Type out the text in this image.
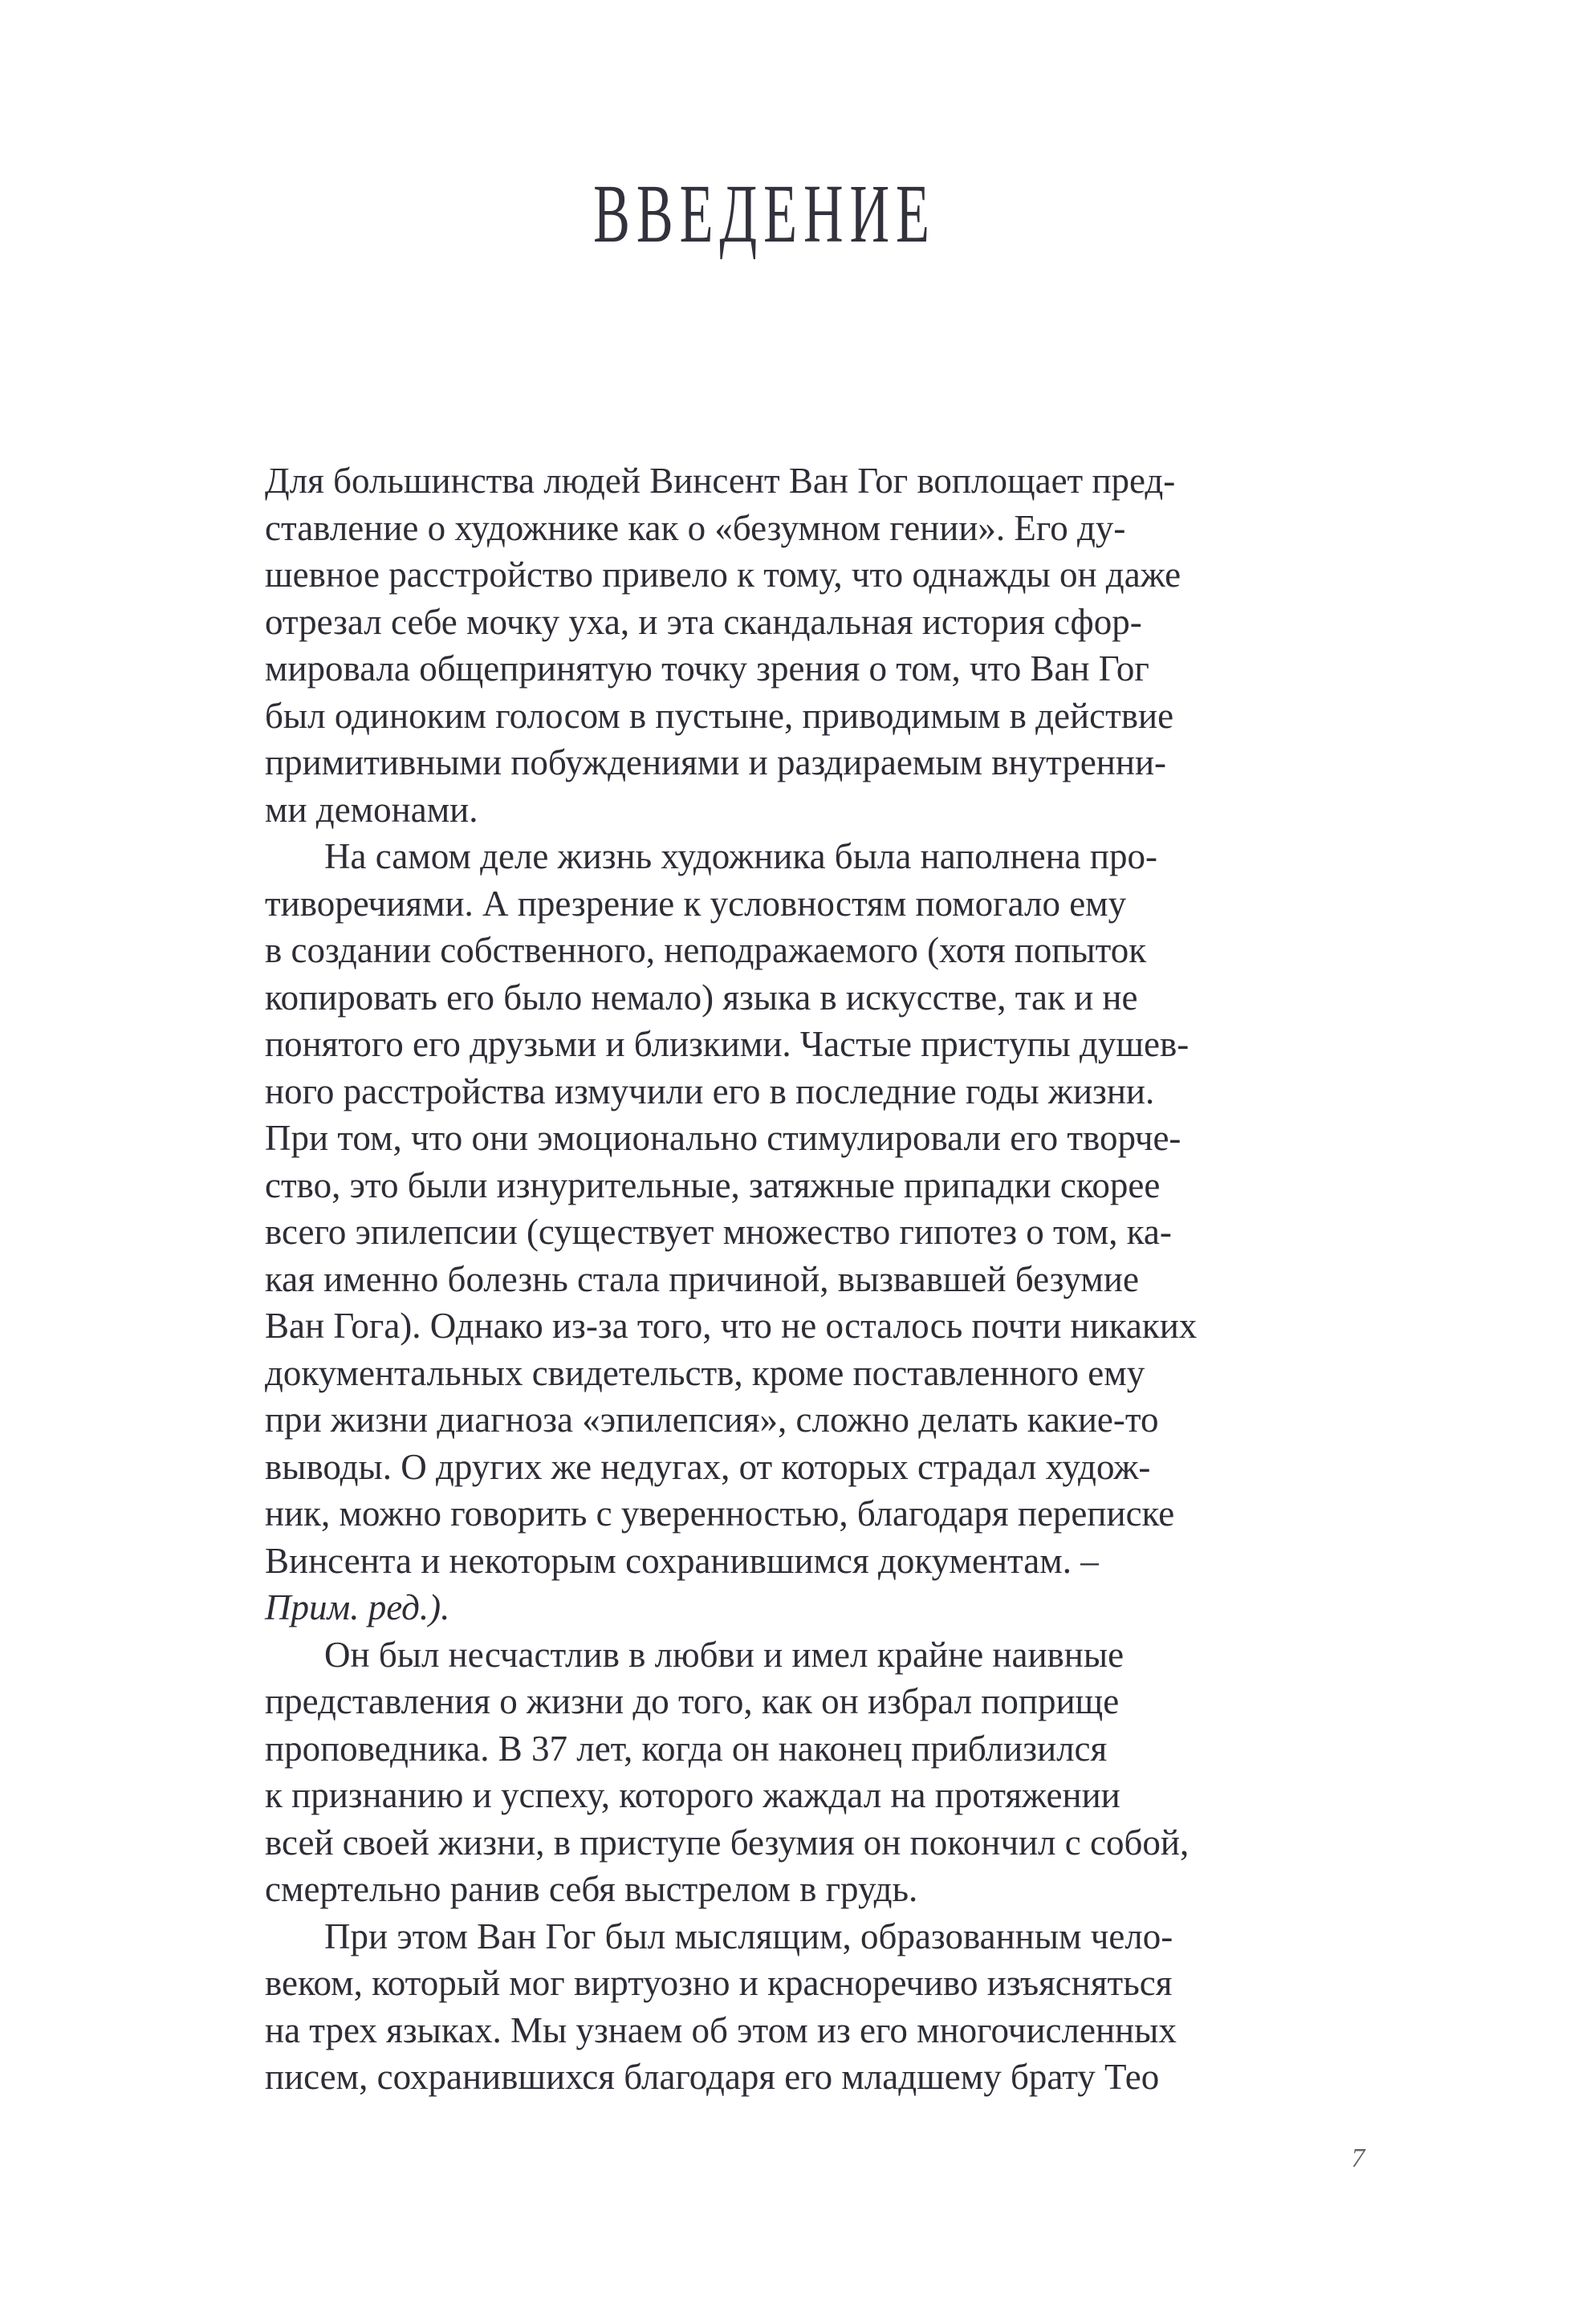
ВВЕДЕНИЕ
Для большинства людей Винсент Ван Гог воплощает пред-
ставление о художнике как о «безумном гении». Его ду-
шевное расстройство привело к тому, что однажды он даже
отрезал себе мочку уха, и эта скандальная история сфор-
мировала общепринятую точку зрения о том, что Ван Гог
был одиноким голосом в пустыне, приводимым в действие
примитивными побуждениями и раздираемым внутренни-
ми демонами.
На самом деле жизнь художника была наполнена про-
тиворечиями. А презрение к условностям помогало ему
в создании собственного, неподражаемого (хотя попыток
копировать его было немало) языка в искусстве, так и не
понятого его друзьми и близкими. Частые приступы душев-
ного расстройства измучили его в последние годы жизни.
При том, что они эмоционально стимулировали его творче-
ство, это были изнурительные, затяжные припадки скорее
всего эпилепсии (существует множество гипотез о том, ка-
кая именно болезнь стала причиной, вызвавшей безумие
Ван Гога). Однако из-за того, что не осталось почти никаких
документальных свидетельств, кроме поставленного ему
при жизни диагноза «эпилепсия», сложно делать какие-то
выводы. О других же недугах, от которых страдал худож-
ник, можно говорить с уверенностью, благодаря переписке
Винсента и некоторым сохранившимся документам. –
Прим. ред.).
Он был несчастлив в любви и имел крайне наивные
представления о жизни до того, как он избрал поприще
проповедника. В 37 лет, когда он наконец приблизился
к признанию и успеху, которого жаждал на протяжении
всей своей жизни, в приступе безумия он покончил с собой,
смертельно ранив себя выстрелом в грудь.
При этом Ван Гог был мыслящим, образованным чело-
веком, который мог виртуозно и красноречиво изъясняться
на трех языках. Мы узнаем об этом из его многочисленных
писем, сохранившихся благодаря его младшему брату Тео
7
